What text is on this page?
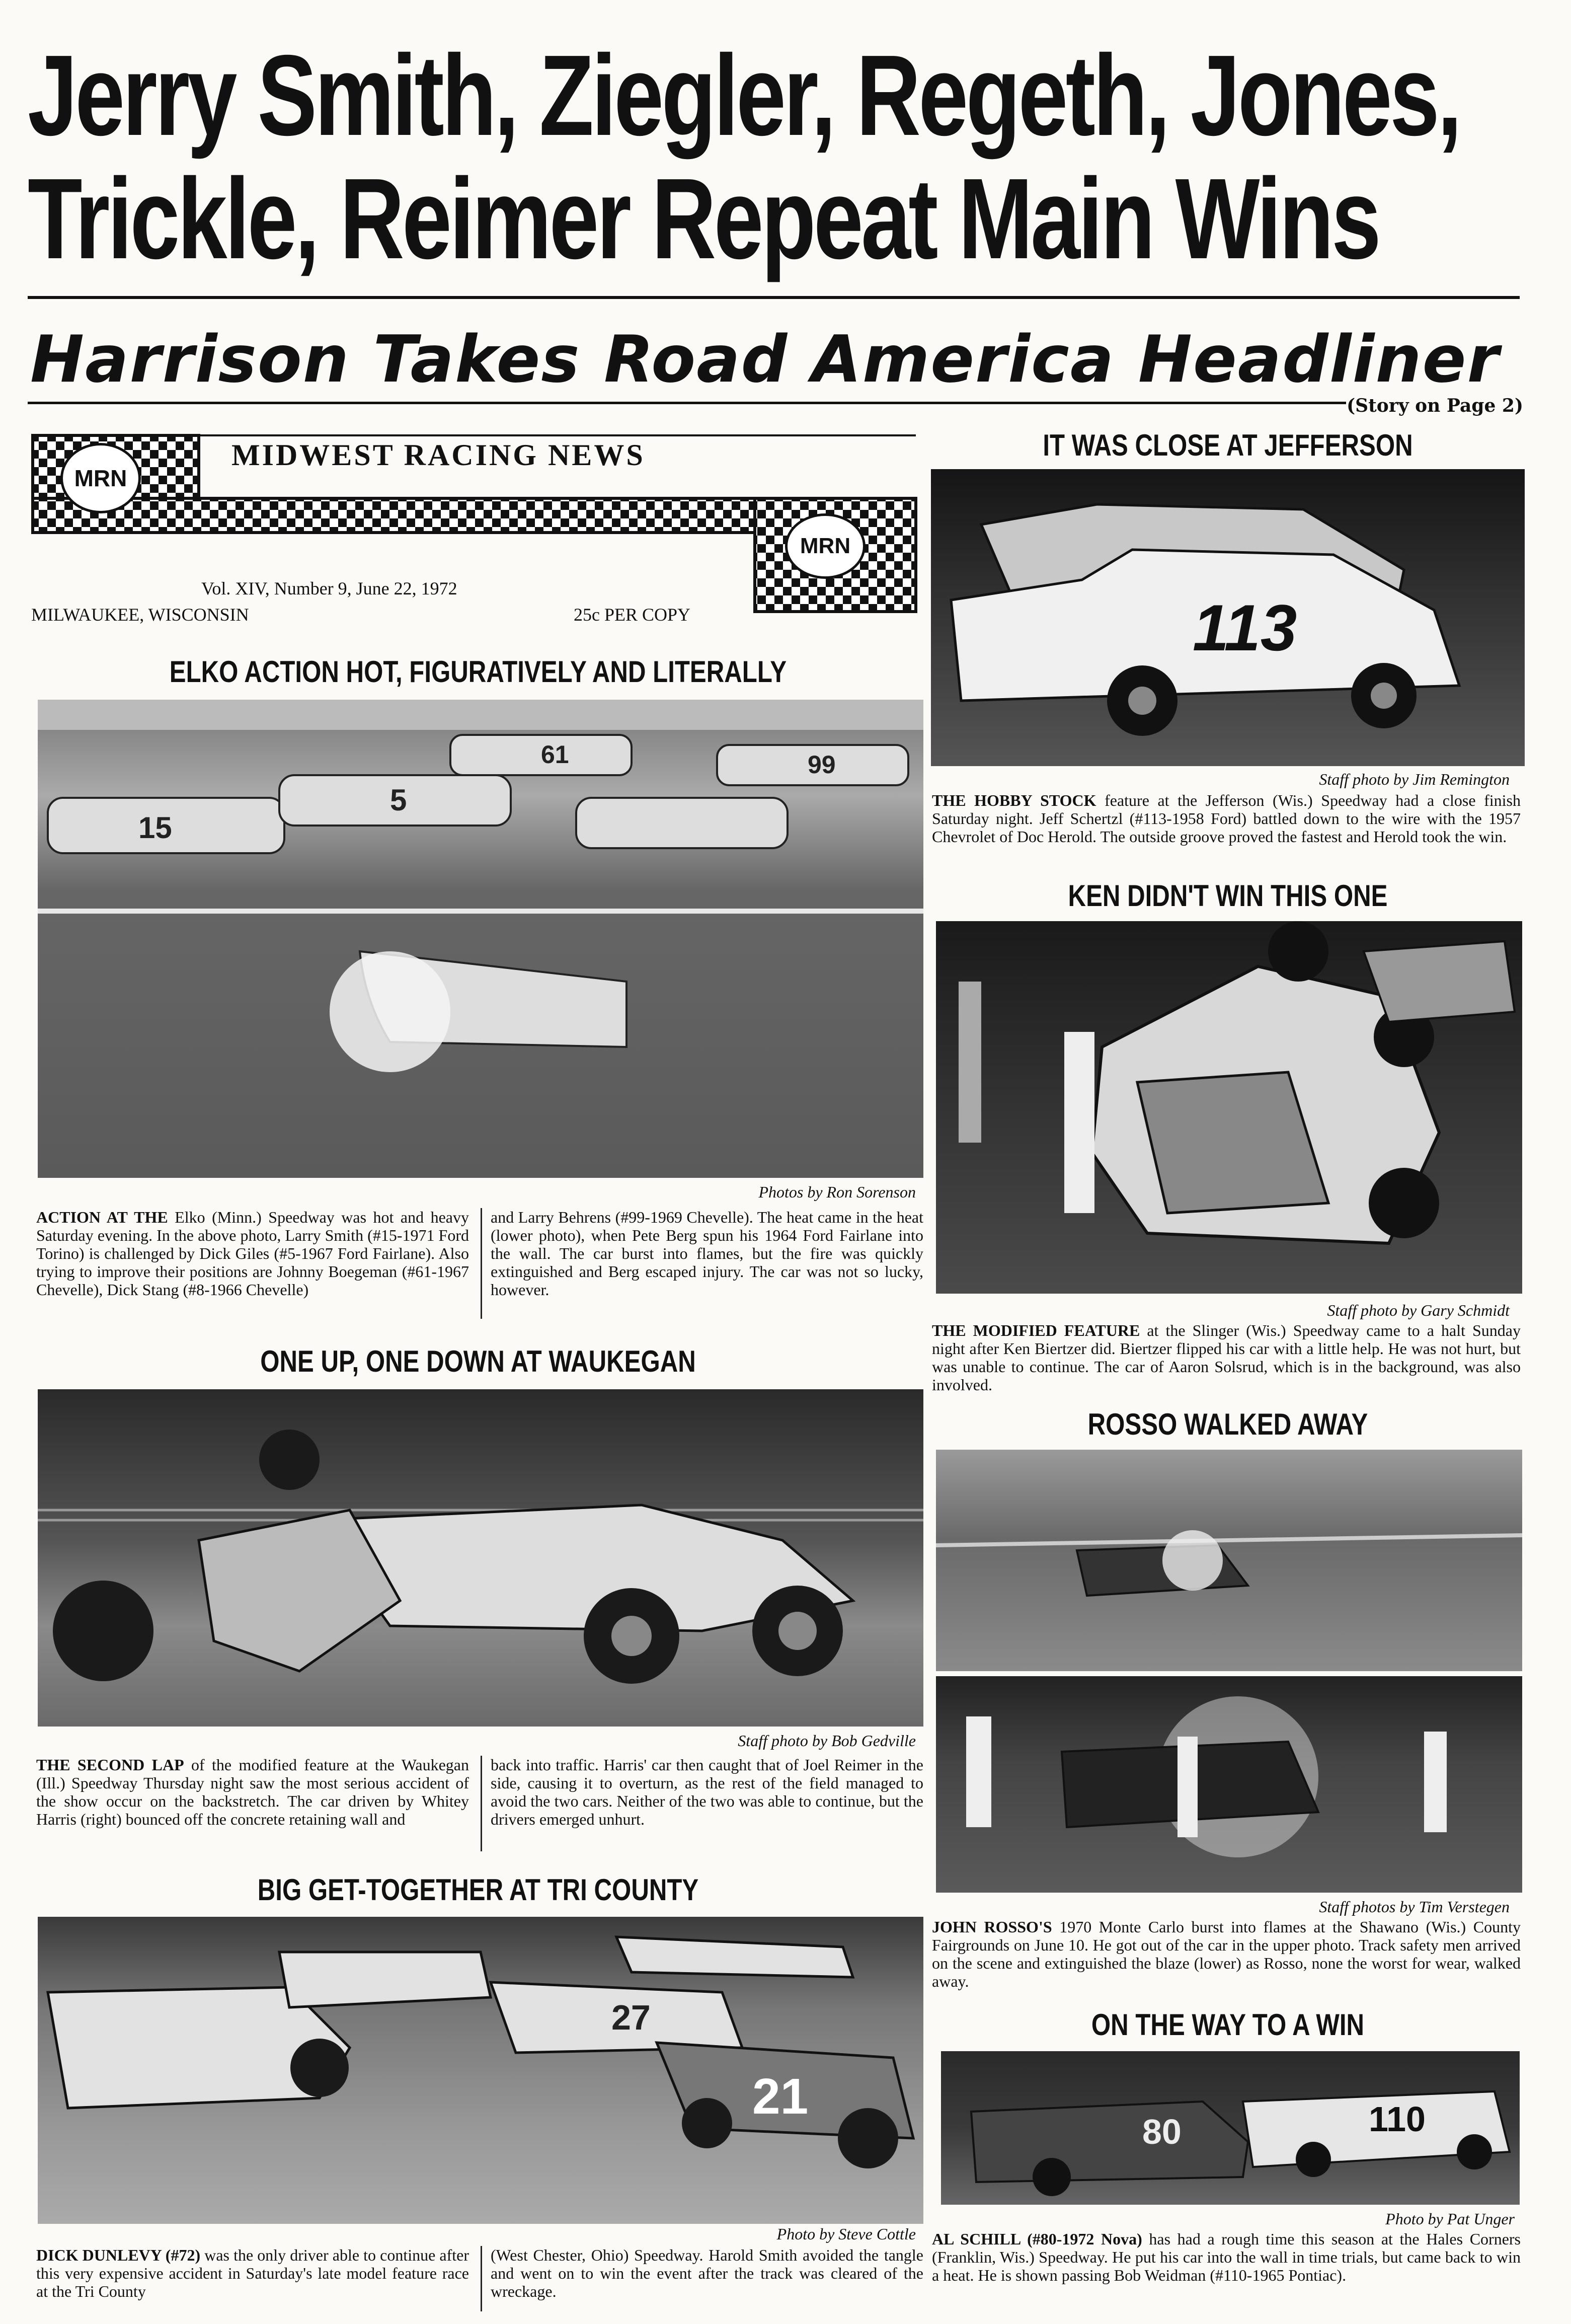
Jerry Smith, Ziegler, Regeth, Jones,
Trickle, Reimer Repeat Main Wins
Harrison Takes Road America Headliner
(Story on Page 2)
MRN
MRN
MIDWEST RACING NEWS
Vol. XIV, Number 9, June 22, 1972
MILWAUKEE, WISCONSIN	25c PER COPY
ELKO ACTION HOT, FIGURATIVELY AND LITERALLY
15
5
61	99
Photos by Ron Sorenson
ACTION AT THE Elko (Minn.) Speedway was hot and heavy Saturday evening. In the above photo, Larry Smith (#15-1971 Ford Torino) is challenged by Dick Giles (#5-1967 Ford Fairlane). Also trying to improve their positions are Johnny Boegeman (#61-1967 Chevelle), Dick Stang (#8-1966 Chevelle)
and Larry Behrens (#99-1969 Chevelle). The heat came in the heat (lower photo), when Pete Berg spun his 1964 Ford Fairlane into the wall. The car burst into flames, but the fire was quickly extinguished and Berg escaped injury. The car was not so lucky, however.
ONE UP, ONE DOWN AT WAUKEGAN
Staff photo by Bob Gedville
THE SECOND LAP of the modified feature at the Waukegan (Ill.) Speedway Thursday night saw the most serious accident of the show occur on the backstretch. The car driven by Whitey Harris (right) bounced off the concrete retaining wall and
back into traffic. Harris' car then caught that of Joel Reimer in the side, causing it to overturn, as the rest of the field managed to avoid the two cars. Neither of the two was able to continue, but the drivers emerged unhurt.
BIG GET-TOGETHER AT TRI COUNTY
27
21
Photo by Steve Cottle
DICK DUNLEVY (#72) was the only driver able to continue after this very expensive accident in Saturday's late model feature race at the Tri County
(West Chester, Ohio) Speedway. Harold Smith avoided the tangle and went on to win the event after the track was cleared of the wreckage.
IT WAS CLOSE AT JEFFERSON
113
Staff photo by Jim Remington
THE HOBBY STOCK feature at the Jefferson (Wis.) Speedway had a close finish Saturday night. Jeff Schertzl (#113-1958 Ford) battled down to the wire with the 1957 Chevrolet of Doc Herold. The outside groove proved the fastest and Herold took the win.
KEN DIDN'T WIN THIS ONE
Staff photo by Gary Schmidt
THE MODIFIED FEATURE at the Slinger (Wis.) Speedway came to a halt Sunday night after Ken Biertzer did. Biertzer flipped his car with a little help. He was not hurt, but was unable to continue. The car of Aaron Solsrud, which is in the background, was also involved.
ROSSO WALKED AWAY
Staff photos by Tim Verstegen
JOHN ROSSO'S 1970 Monte Carlo burst into flames at the Shawano (Wis.) County Fairgrounds on June 10. He got out of the car in the upper photo. Track safety men arrived on the scene and extinguished the blaze (lower) as Rosso, none the worst for wear, walked away.
ON THE WAY TO A WIN
80	110
Photo by Pat Unger
AL SCHILL (#80-1972 Nova) has had a rough time this season at the Hales Corners (Franklin, Wis.) Speedway. He put his car into the wall in time trials, but came back to win a heat. He is shown passing Bob Weidman (#110-1965 Pontiac).
